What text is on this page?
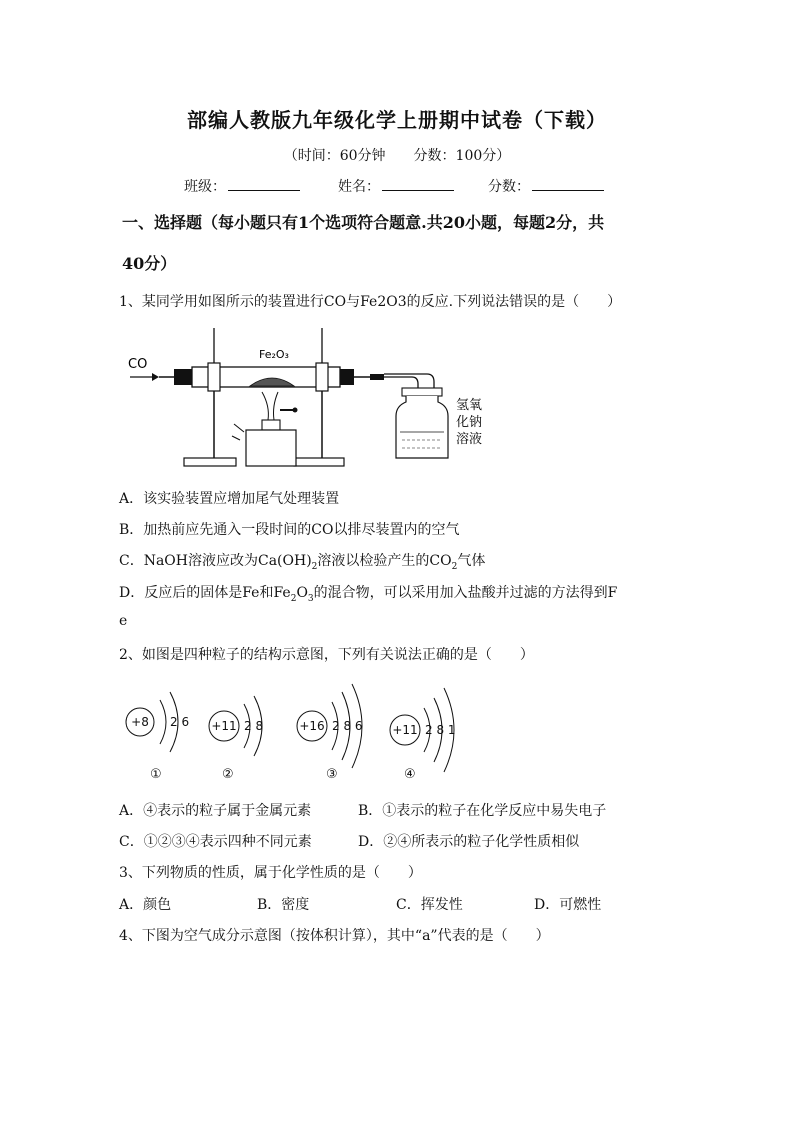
部编人教版九年级化学上册期中试卷（下载）
（时间：60分钟　　分数：100分）
班级：	姓名：	分数：
一、选择题（每小题只有1个选项符合题意.共20小题，每题2分，共
40分）
1、某同学用如图所示的装置进行CO与Fe2O3的反应.下列说法错误的是（　　）
CO
Fe₂O₃
氢氧
化钠
溶液
A．该实验装置应增加尾气处理装置
B．加热前应先通入一段时间的CO以排尽装置内的空气
C．NaOH溶液应改为$Ca(OH)_2$溶液以检验产生的$CO_2$气体
D．反应后的固体是Fe和$Fe_2O_3$的混合物，可以采用加入盐酸并过滤的方法得到F
e
2、如图是四种粒子的结构示意图，下列有关说法正确的是（　　）
+8 2 6
①
+11 2 8
②
+16 2 8 6
③
+11 2 8 1
④
A．④表示的粒子属于金属元素	B．①表示的粒子在化学反应中易失电子
C．①②③④表示四种不同元素	D．②④所表示的粒子化学性质相似
3、下列物质的性质，属于化学性质的是（　　）
A．颜色	B．密度	C．挥发性	D．可燃性
4、下图为空气成分示意图（按体积计算），其中“a”代表的是（　　）
